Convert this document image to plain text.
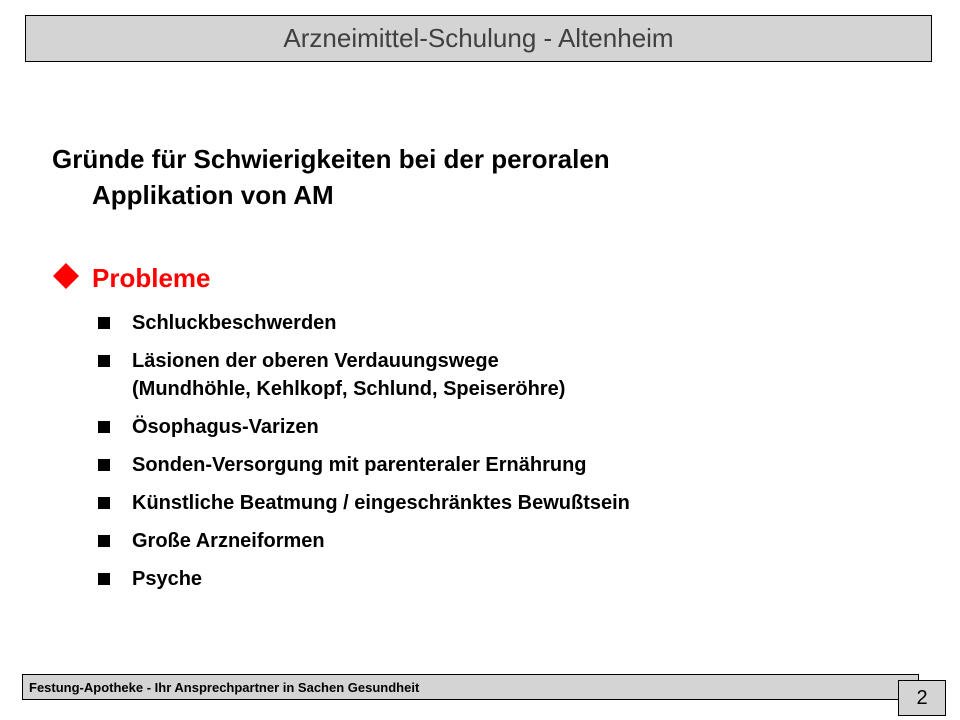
Arzneimittel-Schulung - Altenheim
Gründe für Schwierigkeiten bei der peroralen
Applikation von AM
Probleme
Schluckbeschwerden
Läsionen der oberen Verdauungswege
(Mundhöhle, Kehlkopf, Schlund, Speiseröhre)
Ösophagus-Varizen
Sonden-Versorgung mit parenteraler Ernährung
Künstliche Beatmung / eingeschränktes Bewußtsein
Große Arzneiformen
Psyche
Festung-Apotheke - Ihr Ansprechpartner in Sachen Gesundheit	2
